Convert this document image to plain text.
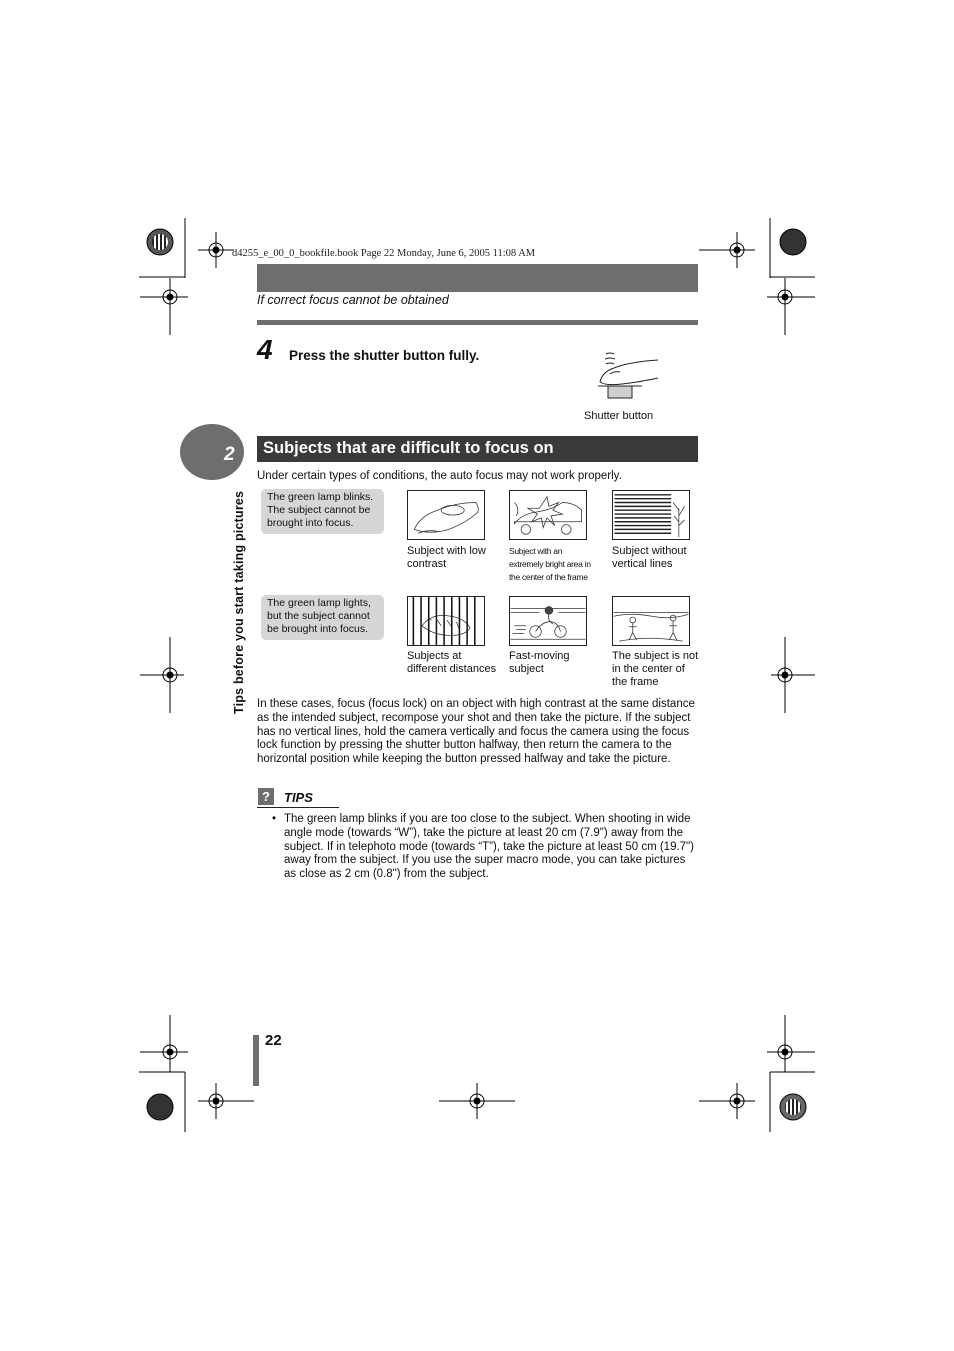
d4255_e_00_0_bookfile.book Page 22 Monday, June 6, 2005 11:08 AM
If correct focus cannot be obtained
4 Press the shutter button fully.
Shutter button
2
Tips before you start taking pictures
Subjects that are difficult to focus on
Under certain types of conditions, the auto focus may not work properly.
The green lamp blinks. The subject cannot be brought into focus.
Subject with low contrast
Subject with an extremely bright area in the center of the frame
Subject without vertical lines
The green lamp lights, but the subject cannot be brought into focus.
Subjects at different distances
Fast-moving subject
The subject is not in the center of the frame
In these cases, focus (focus lock) on an object with high contrast at the same distance as the intended subject, recompose your shot and then take the picture. If the subject has no vertical lines, hold the camera vertically and focus the camera using the focus lock function by pressing the shutter button halfway, then return the camera to the horizontal position while keeping the button pressed halfway and take the picture.
?	TIPS
• The green lamp blinks if you are too close to the subject. When shooting in wide angle mode (towards “W”), take the picture at least 20 cm (7.9") away from the subject. If in telephoto mode (towards “T”), take the picture at least 50 cm (19.7") away from the subject. If you use the super macro mode, you can take pictures as close as 2 cm (0.8") from the subject.
22
